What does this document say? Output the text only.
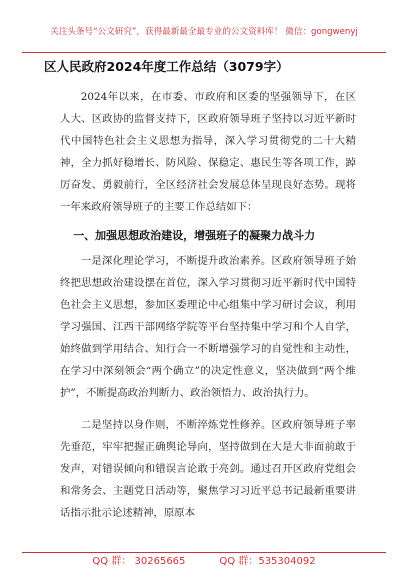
关注头条号“公文研究”，获得最新最全最专业的公文资料库！ 微信：gongwenyj
区人民政府2024年度工作总结（3079字）

2024年以来，在市委、市政府和区委的坚强领导下，在区人大、区政协的监督支持下，区政府领导班子坚持以习近平新时代中国特色社会主义思想为指导，深入学习贯彻党的二十大精神，全力抓好稳增长、防风险、保稳定、惠民生等各项工作，踔厉奋发、勇毅前行，全区经济社会发展总体呈现良好态势。现将一年来政府领导班子的主要工作总结如下：

一、加强思想政治建设，增强班子的凝聚力战斗力

一是深化理论学习，不断提升政治素养。区政府领导班子始终把思想政治建设摆在首位，深入学习贯彻习近平新时代中国特色社会主义思想，参加区委理论中心组集中学习研讨会议，利用学习强国、江西干部网络学院等平台坚持集中学习和个人自学，始终做到学用结合、知行合一不断增强学习的自觉性和主动性，在学习中深刻领会“两个确立”的决定性意义，坚决做到“两个维护”，不断提高政治判断力、政治领悟力、政治执行力。

二是坚持以身作则，不断淬炼党性修养。区政府领导班子率先垂范，牢牢把握正确舆论导向，坚持做到在大是大非面前敢于发声，对错误倾向和错误言论敢于亮剑。通过召开区政府党组会和常务会、主题党日活动等，聚焦学习习近平总书记最新重要讲话指示批示论述精神，原原本

QQ 群： 30265665	QQ 群：535304092
